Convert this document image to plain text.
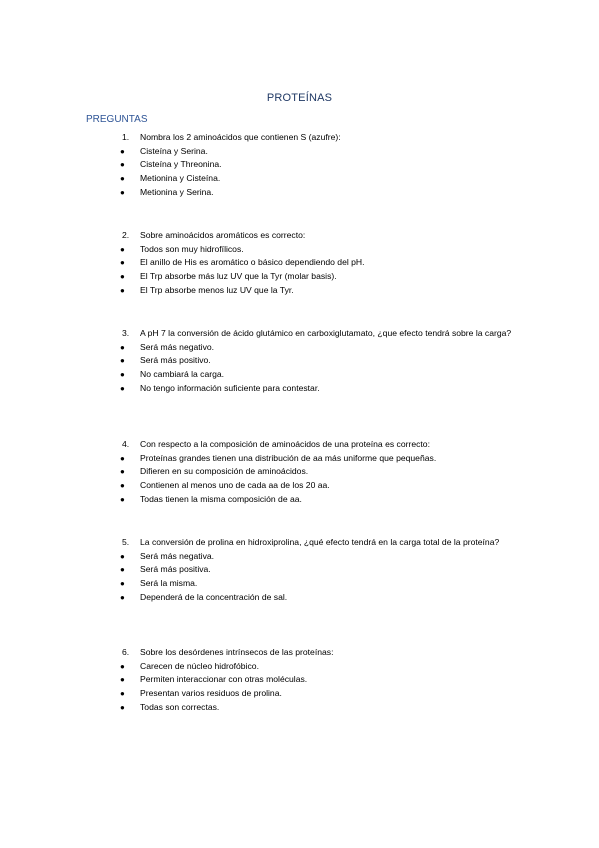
PROTEÍNAS
PREGUNTAS
1. Nombra los 2 aminoácidos que contienen S (azufre):
● Cisteína y Serina.
● Cisteína y Threonina.
● Metionina y Cisteína.
● Metionina y Serina.
2. Sobre aminoácidos aromáticos es correcto:
● Todos son muy hidrofílicos.
● El anillo de His es aromático o básico dependiendo del pH.
● El Trp absorbe más luz UV que la Tyr (molar basis).
● El Trp absorbe menos luz UV que la Tyr.
3. A pH 7 la conversión de ácido glutámico en carboxiglutamato, ¿que efecto tendrá sobre la carga?
● Será más negativo.
● Será más positivo.
● No cambiará la carga.
● No tengo información suficiente para contestar.
4. Con respecto a la composición de aminoácidos de una proteína es correcto:
● Proteínas grandes tienen una distribución de aa más uniforme que pequeñas.
● Difieren en su composición de aminoácidos.
● Contienen al menos uno de cada aa de los 20 aa.
● Todas tienen la misma composición de aa.
5. La conversión de prolina en hidroxiprolina, ¿qué efecto tendrá en la carga total de la proteína?
● Será más negativa.
● Será más positiva.
● Será la misma.
● Dependerá de la concentración de sal.
6. Sobre los desórdenes intrínsecos de las proteínas:
● Carecen de núcleo hidrofóbico.
● Permiten interaccionar con otras moléculas.
● Presentan varios residuos de prolina.
● Todas son correctas.
